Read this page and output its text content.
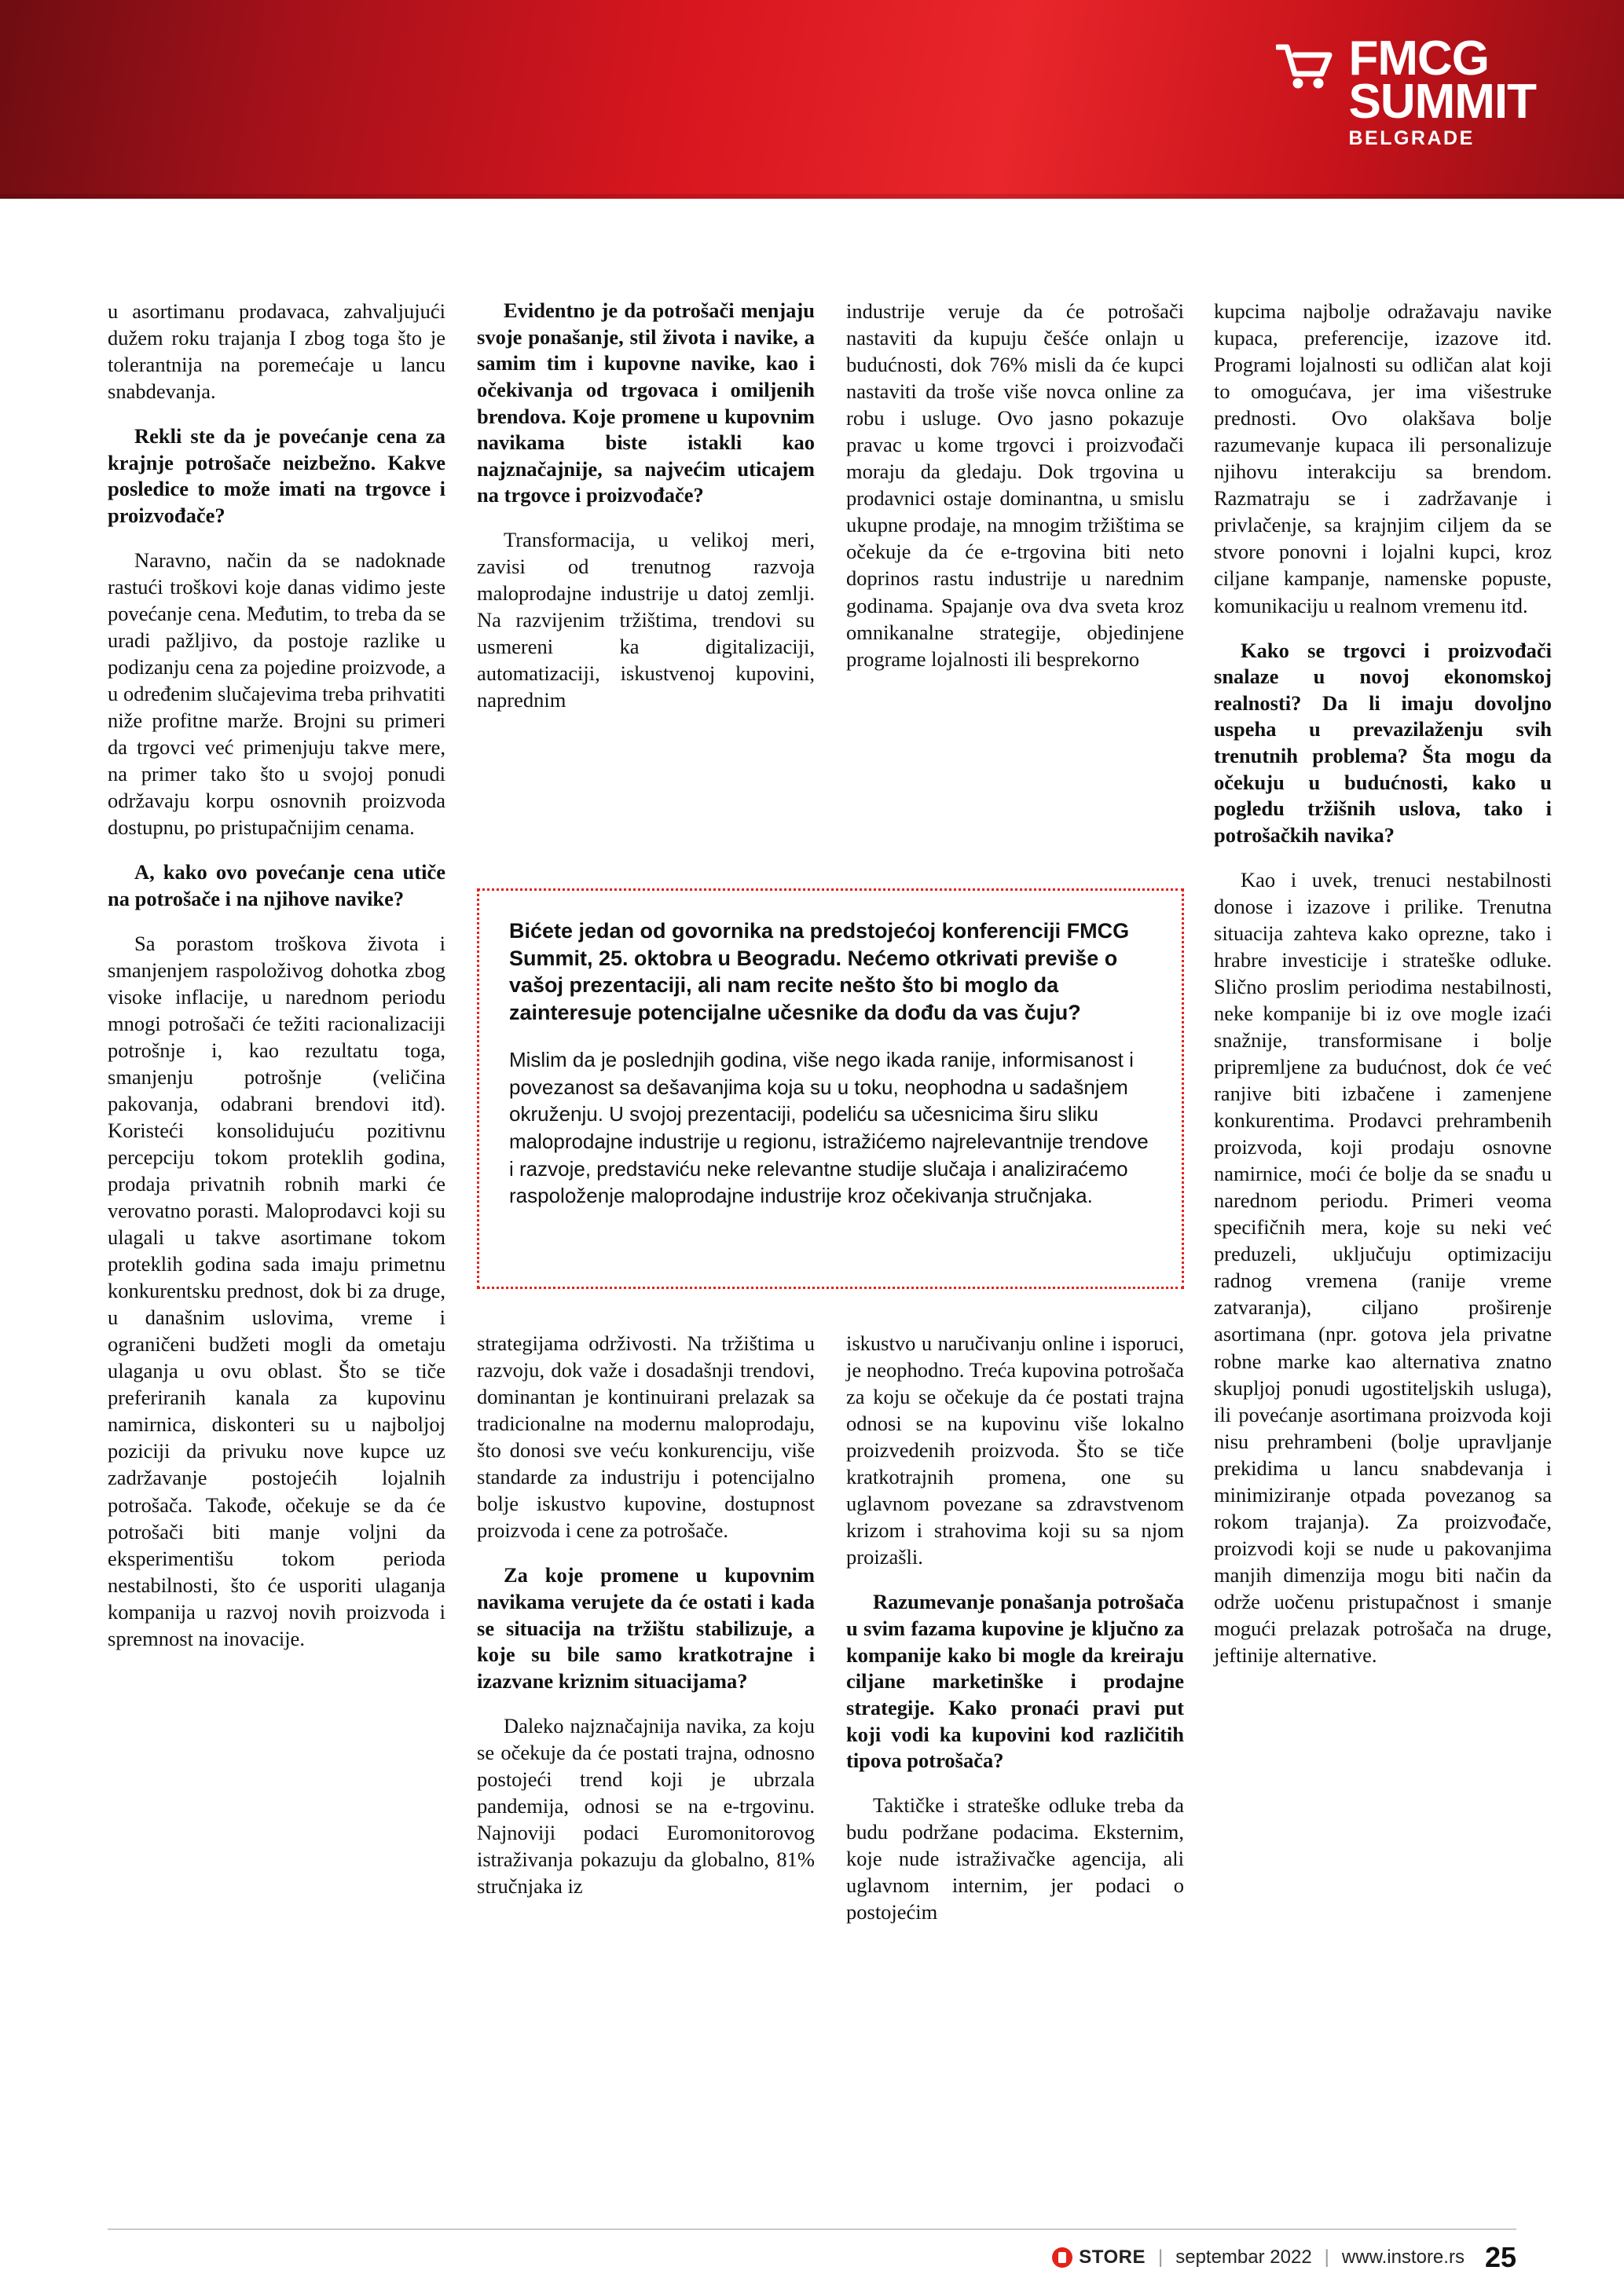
FMCG
SUMMIT
BELGRADE

u asortimanu prodavaca, zahvaljujući dužem roku trajanja I zbog toga što je tolerantnija na poremećaje u lancu snabdevanja.

Rekli ste da je povećanje cena za krajnje potrošače neizbežno. Kakve posledice to može imati na trgovce i proizvođače?

Naravno, način da se nadoknade rastući troškovi koje danas vidimo jeste povećanje cena. Međutim, to treba da se uradi pažljivo, da postoje razlike u podizanju cena za pojedine proizvode, a u određenim slučajevima treba prihvatiti niže profitne marže. Brojni su primeri da trgovci već primenjuju takve mere, na primer tako što u svojoj ponudi održavaju korpu osnovnih proizvoda dostupnu, po pristupačnijim cenama.

A, kako ovo povećanje cena utiče na potrošače i na njihove navike?

Sa porastom troškova života i smanjenjem raspoloživog dohotka zbog visoke inflacije, u narednom periodu mnogi potrošači će težiti racionalizaciji potrošnje i, kao rezultatu toga, smanjenju potrošnje (veličina pakovanja, odabrani brendovi itd). Koristeći konsolidujuću pozitivnu percepciju tokom proteklih godina, prodaja privatnih robnih marki će verovatno porasti. Maloprodavci koji su ulagali u takve asortimane tokom proteklih godina sada imaju primetnu konkurentsku prednost, dok bi za druge, u današnim uslovima, vreme i ograničeni budžeti mogli da ometaju ulaganja u ovu oblast. Što se tiče preferiranih kanala za kupovinu namirnica, diskonteri su u najboljoj poziciji da privuku nove kupce uz zadržavanje postojećih lojalnih potrošača. Takođe, očekuje se da će potrošači biti manje voljni da eksperimentišu tokom perioda nestabilnosti, što će usporiti ulaganja kompanija u razvoj novih proizvoda i spremnost na inovacije.

Evidentno je da potrošači menjaju svoje ponašanje, stil života i navike, a samim tim i kupovne navike, kao i očekivanja od trgovaca i omiljenih brendova. Koje promene u kupovnim navikama biste istakli kao najznačajnije, sa najvećim uticajem na trgovce i proizvođače?

Transformacija, u velikoj meri, zavisi od trenutnog razvoja maloprodajne industrije u datoj zemlji. Na razvijenim tržištima, trendovi su usmereni ka digitalizaciji, automatizaciji, iskustvenoj kupovini, naprednim

industrije veruje da će potrošači nastaviti da kupuju češće onlajn u budućnosti, dok 76% misli da će kupci nastaviti da troše više novca online za robu i usluge. Ovo jasno pokazuje pravac u kome trgovci i proizvođači moraju da gledaju. Dok trgovina u prodavnici ostaje dominantna, u smislu ukupne prodaje, na mnogim tržištima se očekuje da će e-trgovina biti neto doprinos rastu industrije u narednim godinama. Spajanje ova dva sveta kroz omnikanalne strategije, objedinjene programe lojalnosti ili besprekorno

kupcima najbolje odražavaju navike kupaca, preferencije, izazove itd. Programi lojalnosti su odličan alat koji to omogućava, jer ima višestruke prednosti. Ovo olakšava bolje razumevanje kupaca ili personalizuje njihovu interakciju sa brendom. Razmatraju se i zadržavanje i privlačenje, sa krajnjim ciljem da se stvore ponovni i lojalni kupci, kroz ciljane kampanje, namenske popuste, komunikaciju u realnom vremenu itd.

Kako se trgovci i proizvođači snalaze u novoj ekonomskoj realnosti? Da li imaju dovoljno uspeha u prevazilaženju svih trenutnih problema? Šta mogu da očekuju u budućnosti, kako u pogledu tržišnih uslova, tako i potrošačkih navika?

Kao i uvek, trenuci nestabilnosti donose i izazove i prilike. Trenutna situacija zahteva kako oprezne, tako i hrabre investicije i strateške odluke. Slično proslim periodima nestabilnosti, neke kompanije bi iz ove mogle izaći snažnije, transformisane i bolje pripremljene za budućnost, dok će već ranjive biti izbačene i zamenjene konkurentima. Prodavci prehrambenih proizvoda, koji prodaju osnovne namirnice, moći će bolje da se snađu u narednom periodu. Primeri veoma specifičnih mera, koje su neki već preduzeli, uključuju optimizaciju radnog vremena (ranije vreme zatvaranja), ciljano proširenje asortimana (npr. gotova jela privatne robne marke kao alternativa znatno skuplјoj ponudi ugostiteljskih usluga), ili povećanje asortimana proizvoda koji nisu prehrambeni (bolje upravljanje prekidima u lancu snabdevanja i minimiziranje otpada povezanog sa rokom trajanja). Za proizvođače, proizvodi koji se nude u pakovanjima manjih dimenzija mogu biti način da održe uočenu pristupačnost i smanje mogući prelazak potrošača na druge, jeftinije alternative.

Bićete jedan od govornika na predstojećoj konferenciji FMCG Summit, 25. oktobra u Beogradu. Nećemo otkrivati previše o vašoj prezentaciji, ali nam recite nešto što bi moglo da zainteresuje potencijalne učesnike da dođu da vas čuju?

Mislim da je poslednjih godina, više nego ikada ranije, informisanost i povezanost sa dešavanjima koja su u toku, neophodna u sadašnjem okruženju. U svojoj prezentaciji, podeliću sa učesnicima širu sliku maloprodajne industrije u regionu, istražićemo najrelevantnije trendove i razvoje, predstaviću neke relevantne studije slučaja i analiziraćemo raspoloženje maloprodajne industrije kroz očekivanja stručnjaka.

strategijama održivosti. Na tržištima u razvoju, dok važe i dosadašnji trendovi, dominantan je kontinuirani prelazak sa tradicionalne na modernu maloprodaju, što donosi sve veću konkurenciju, više standarde za industriju i potencijalno bolje iskustvo kupovine, dostupnost proizvoda i cene za potrošače.

Za koje promene u kupovnim navikama verujete da će ostati i kada se situacija na tržištu stabilizuje, a koje su bile samo kratkotrajne i izazvane kriznim situacijama?

Daleko najznačajnija navika, za koju se očekuje da će postati trajna, odnosno postojeći trend koji je ubrzala pandemija, odnosi se na e-trgovinu. Najnoviji podaci Euromonitorovog istraživanja pokazuju da globalno, 81% stručnjaka iz

iskustvo u naručivanju online i isporuci, je neophodno. Treća kupovina potrošača za koju se očekuje da će postati trajna odnosi se na kupovinu više lokalno proizvedenih proizvoda. Što se tiče kratkotrajnih promena, one su uglavnom povezane sa zdravstvenom krizom i strahovima koji su sa njom proizašli.

Razumevanje ponašanja potrošača u svim fazama kupovine je ključno za kompanije kako bi mogle da kreiraju ciljane marketinške i prodajne strategije. Kako pronaći pravi put koji vodi ka kupovini kod različitih tipova potrošača?

Taktičke i strateške odluke treba da budu podržane podacima. Eksternim, koje nude istraživačke agencija, ali uglavnom internim, jer podaci o postojećim

STORE | septembar 2022 | www.instore.rs 25
